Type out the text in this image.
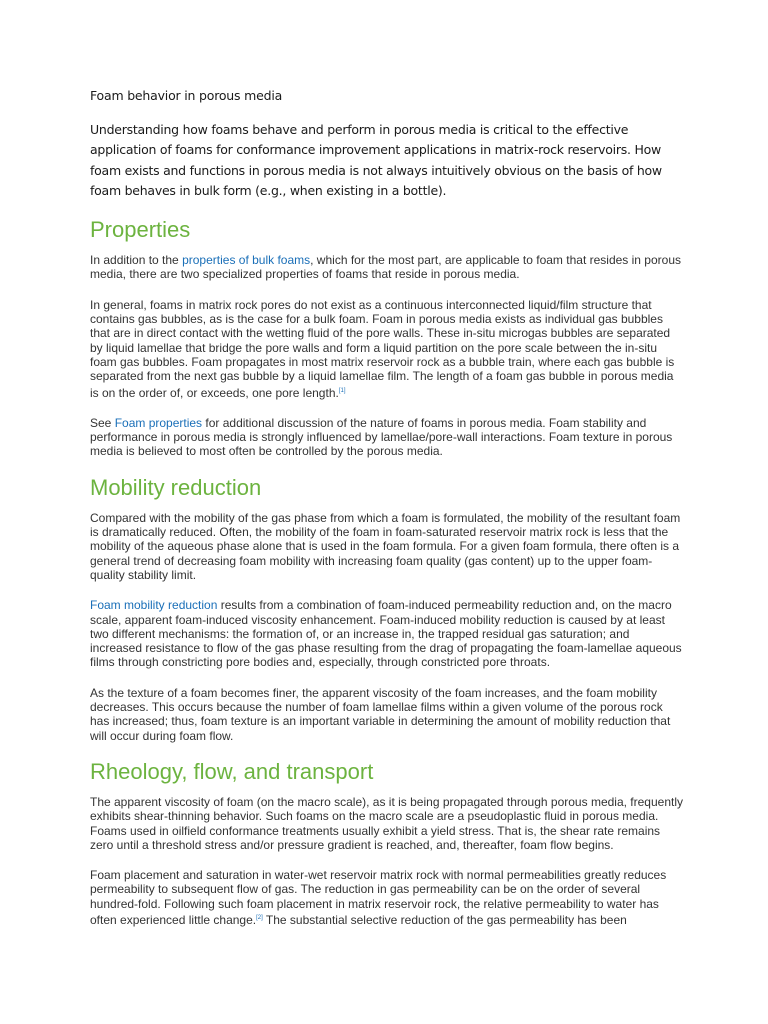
Foam behavior in porous media
Understanding how foams behave and perform in porous media is critical to the effective application of foams for conformance improvement applications in matrix-rock reservoirs. How foam exists and functions in porous media is not always intuitively obvious on the basis of how foam behaves in bulk form (e.g., when existing in a bottle).
Properties

In addition to the properties of bulk foams, which for the most part, are applicable to foam that resides in porous media, there are two specialized properties of foams that reside in porous media.

In general, foams in matrix rock pores do not exist as a continuous interconnected liquid/film structure that contains gas bubbles, as is the case for a bulk foam. Foam in porous media exists as individual gas bubbles that are in direct contact with the wetting fluid of the pore walls. These in-situ microgas bubbles are separated by liquid lamellae that bridge the pore walls and form a liquid partition on the pore scale between the in-situ foam gas bubbles. Foam propagates in most matrix reservoir rock as a bubble train, where each gas bubble is separated from the next gas bubble by a liquid lamellae film. The length of a foam gas bubble in porous media is on the order of, or exceeds, one pore length.[1]

See Foam properties for additional discussion of the nature of foams in porous media. Foam stability and performance in porous media is strongly influenced by lamellae/pore-wall interactions. Foam texture in porous media is believed to most often be controlled by the porous media.

Mobility reduction

Compared with the mobility of the gas phase from which a foam is formulated, the mobility of the resultant foam is dramatically reduced. Often, the mobility of the foam in foam-saturated reservoir matrix rock is less that the mobility of the aqueous phase alone that is used in the foam formula. For a given foam formula, there often is a general trend of decreasing foam mobility with increasing foam quality (gas content) up to the upper foam-quality stability limit.

Foam mobility reduction results from a combination of foam-induced permeability reduction and, on the macro scale, apparent foam-induced viscosity enhancement. Foam-induced mobility reduction is caused by at least two different mechanisms: the formation of, or an increase in, the trapped residual gas saturation; and increased resistance to flow of the gas phase resulting from the drag of propagating the foam-lamellae aqueous films through constricting pore bodies and, especially, through constricted pore throats.

As the texture of a foam becomes finer, the apparent viscosity of the foam increases, and the foam mobility decreases. This occurs because the number of foam lamellae films within a given volume of the porous rock has increased; thus, foam texture is an important variable in determining the amount of mobility reduction that will occur during foam flow.

Rheology, flow, and transport

The apparent viscosity of foam (on the macro scale), as it is being propagated through porous media, frequently exhibits shear-thinning behavior. Such foams on the macro scale are a pseudoplastic fluid in porous media. Foams used in oilfield conformance treatments usually exhibit a yield stress. That is, the shear rate remains zero until a threshold stress and/or pressure gradient is reached, and, thereafter, foam flow begins.

Foam placement and saturation in water-wet reservoir matrix rock with normal permeabilities greatly reduces permeability to subsequent flow of gas. The reduction in gas permeability can be on the order of several hundred-fold. Following such foam placement in matrix reservoir rock, the relative permeability to water has often experienced little change.[2] The substantial selective reduction of the gas permeability has been
